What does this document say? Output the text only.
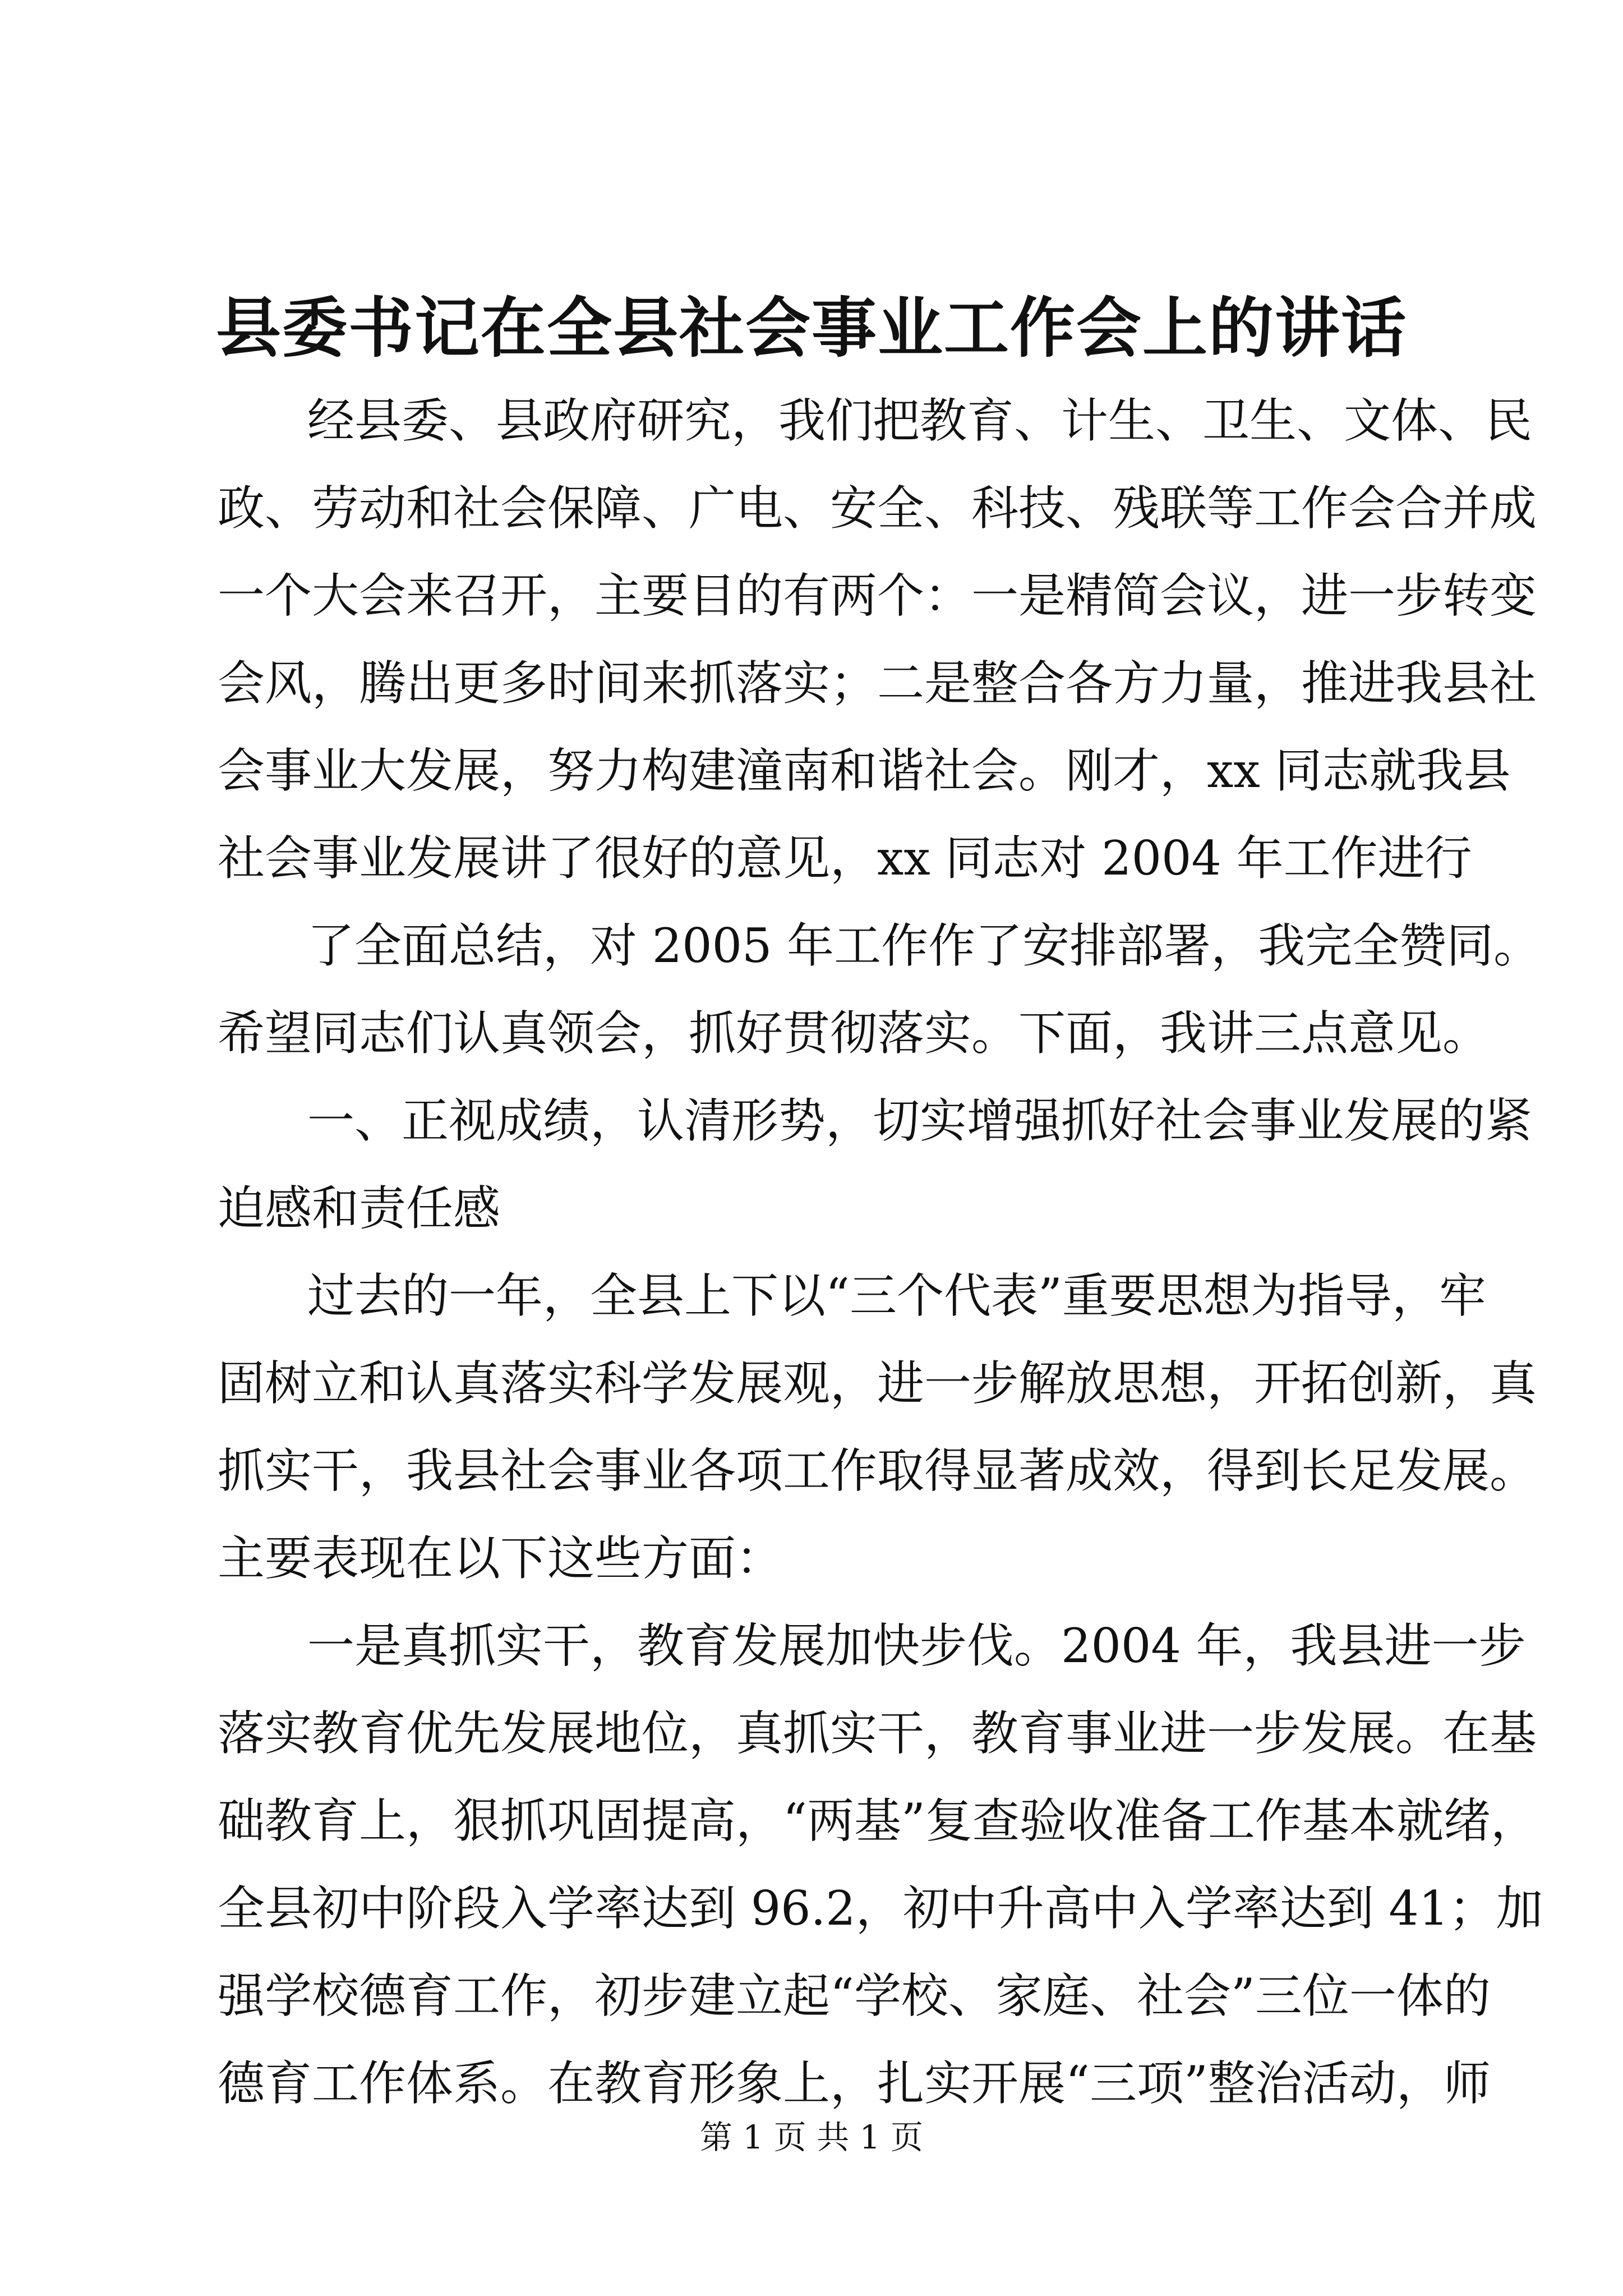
县委书记在全县社会事业工作会上的讲话
经县委、县政府研究，我们把教育、计生、卫生、文体、民
政、劳动和社会保障、广电、安全、科技、残联等工作会合并成
一个大会来召开，主要目的有两个：一是精简会议，进一步转变
会风，腾出更多时间来抓落实；二是整合各方力量，推进我县社
会事业大发展，努力构建潼南和谐社会。刚才，xx 同志就我县
社会事业发展讲了很好的意见，xx 同志对 2004 年工作进行
了全面总结，对 2005 年工作作了安排部署，我完全赞同。
希望同志们认真领会，抓好贯彻落实。下面，我讲三点意见。
一、正视成绩，认清形势，切实增强抓好社会事业发展的紧
迫感和责任感
过去的一年，全县上下以“三个代表”重要思想为指导，牢
固树立和认真落实科学发展观，进一步解放思想，开拓创新，真
抓实干，我县社会事业各项工作取得显著成效，得到长足发展。
主要表现在以下这些方面：
一是真抓实干，教育发展加快步伐。2004 年，我县进一步
落实教育优先发展地位，真抓实干，教育事业进一步发展。在基
础教育上，狠抓巩固提高，“两基”复查验收准备工作基本就绪，
全县初中阶段入学率达到 96.2，初中升高中入学率达到 41；加
强学校德育工作，初步建立起“学校、家庭、社会”三位一体的
德育工作体系。在教育形象上，扎实开展“三项”整治活动，师
第 1 页 共 1 页
